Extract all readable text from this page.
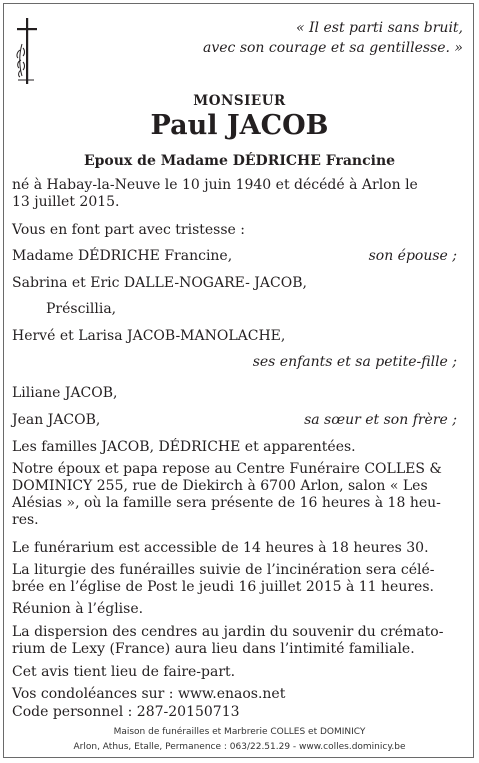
« Il est parti sans bruit,
avec son courage et sa gentillesse. »
MONSIEUR
Paul JACOB
Epoux de Madame DÉDRICHE Francine
né à Habay-la-Neuve le 10 juin 1940 et décédé à Arlon le
13 juillet 2015.
Vous en font part avec tristesse :
Madame DÉDRICHE Francine,	son épouse ;
Sabrina et Eric DALLE-NOGARE- JACOB,
Préscillia,
Hervé et Larisa JACOB-MANOLACHE,
ses enfants et sa petite-fille ;
Liliane JACOB,
Jean JACOB,	sa sœur et son frère ;
Les familles JACOB, DÉDRICHE et apparentées.
Notre époux et papa repose au Centre Funéraire COLLES &
DOMINICY 255, rue de Diekirch à 6700 Arlon, salon « Les
Alésias », où la famille sera présente de 16 heures à 18 heu-
res.
Le funérarium est accessible de 14 heures à 18 heures 30.
La liturgie des funérailles suivie de l’incinération sera célé-
brée en l’église de Post le jeudi 16 juillet 2015 à 11 heures.
Réunion à l’église.
La dispersion des cendres au jardin du souvenir du crémato-
rium de Lexy (France) aura lieu dans l’intimité familiale.
Cet avis tient lieu de faire-part.
Vos condoléances sur : www.enaos.net
Code personnel : 287-20150713
Maison de funérailles et Marbrerie COLLES et DOMINICY
Arlon, Athus, Etalle, Permanence : 063/22.51.29 - www.colles.dominicy.be
